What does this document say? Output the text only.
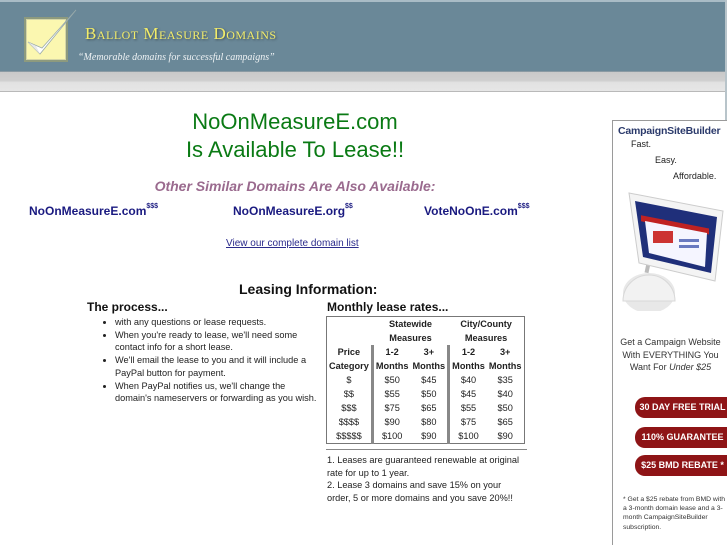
Ballot Measure Domains
“Memorable domains for successful campaigns”
NoOnMeasureE.com
Is Available To Lease!!
Other Similar Domains Are Also Available:
NoOnMeasureE.com$$$	NoOnMeasureE.org$$	VoteNoOnE.com$$$
View our complete domain list
Leasing Information:
The process...
• with any questions or lease requests.
• When you're ready to lease, we'll need some contact info for a short lease.
• We'll email the lease to you and it will include a PayPal button for payment.
• When PayPal notifies us, we'll change the domain's nameservers or forwarding as you wish.
Monthly lease rates...
	Statewide		City/County	
	Measures		Measures	
Price	1-2	3+	1-2	3+
Category	Months	Months	Months	Months
$	$50	$45	$40	$35
$$	$55	$50	$45	$40
$$$	$75	$65	$55	$50
$$$$	$90	$80	$75	$65
$$$$$	$100	$90	$100	$90
1. Leases are guaranteed renewable at original rate for up to 1 year.
2. Lease 3 domains and save 15% on your order, 5 or more domains and you save 20%!!
CampaignSiteBuilder
Fast.
Easy.
Affordable.
Get a Campaign Website
With EVERYTHING You
Want For Under $25
30 DAY FREE TRIAL
110% GUARANTEE
$25 BMD REBATE *
* Get a $25 rebate from BMD with a 3-month domain lease and a 3-month CampaignSiteBuilder subscription.
